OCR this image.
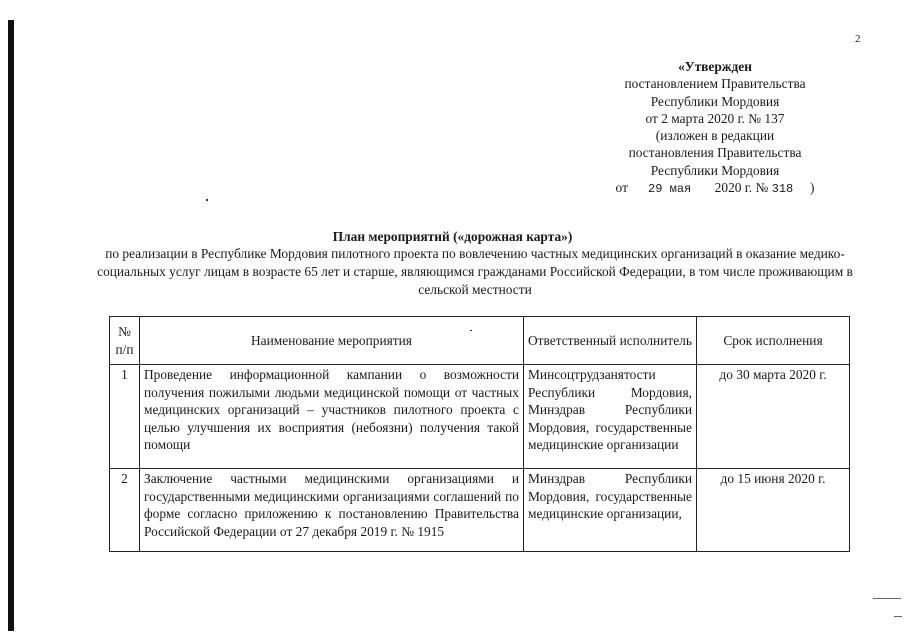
2
«Утвержден
постановлением Правительства
Республики Мордовия
от 2 марта 2020 г. № 137
(изложен в редакции
постановления Правительства
Республики Мордовия
от 29 мая 2020 г. № 318 )
План мероприятий («дорожная карта»)
по реализации в Республике Мордовия пилотного проекта по вовлечению частных медицинских организаций в оказание медико-социальных услуг лицам в возрасте 65 лет и старше, являющимся гражданами Российской Федерации, в том числе проживающим в сельской местности
№ п/п	Наименование мероприятия	Ответственный исполнитель	Срок исполнения
1	Проведение информационной кампании о возможности получения пожилыми людьми медицинской помощи от частных медицинских организаций – участников пилотного проекта с целью улучшения их восприятия (небоязни) получения такой помощи	Минсоцтрудзанятости Республики Мордовия, Минздрав Республики Мордовия, государственные медицинские организации	до 30 марта 2020 г.
2	Заключение частными медицинскими организациями и государственными медицинскими организациями соглашений по форме согласно приложению к постановлению Правительства Российской Федерации от 27 декабря 2019 г. № 1915	Минздрав Республики Мордовия, государственные медицинские организации,	до 15 июня 2020 г.
